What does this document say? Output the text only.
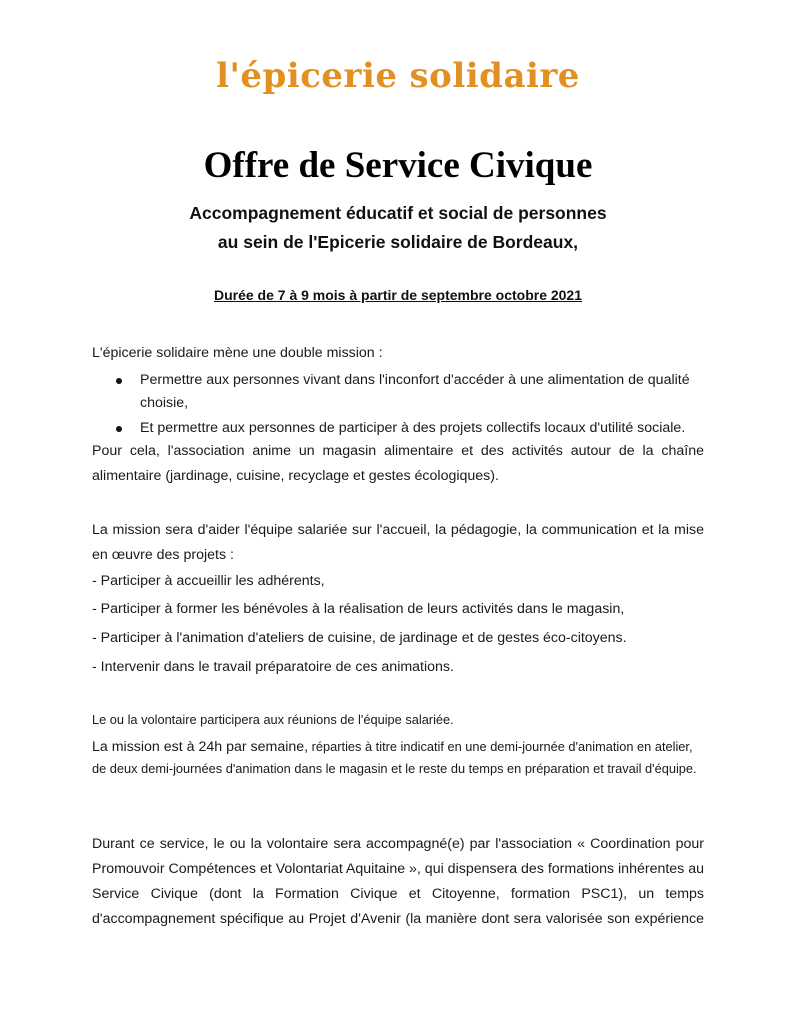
l'épicerie solidaire
Offre de Service Civique
Accompagnement éducatif et social de personnes
au sein de l'Epicerie solidaire de Bordeaux,
Durée de 7 à 9 mois à partir de septembre octobre 2021
L'épicerie solidaire mène une double mission :
Permettre aux personnes vivant dans l'inconfort d'accéder à une alimentation de qualité choisie,
Et permettre aux personnes de participer à des projets collectifs locaux d'utilité sociale.
Pour cela, l'association anime un magasin alimentaire et des activités autour de la chaîne alimentaire (jardinage, cuisine, recyclage et gestes écologiques).
La mission sera d'aider l'équipe salariée sur l'accueil, la pédagogie, la communication et la mise en œuvre des projets :
- Participer à accueillir les adhérents,
- Participer à former les bénévoles à la réalisation de leurs activités dans le magasin,
- Participer à l'animation d'ateliers de cuisine, de jardinage et de gestes éco-citoyens.
- Intervenir dans le travail préparatoire de ces animations.
Le ou la volontaire participera aux réunions de l'équipe salariée.
La mission est à 24h par semaine, réparties à titre indicatif en une demi-journée d'animation en atelier, de deux demi-journées d'animation dans le magasin et le reste du temps en préparation et travail d'équipe.
Durant ce service, le ou la volontaire sera accompagné(e) par l'association « Coordination pour Promouvoir Compétences et Volontariat Aquitaine », qui dispensera des formations inhérentes au Service Civique (dont la Formation Civique et Citoyenne, formation PSC1), un temps d'accompagnement spécifique au Projet d'Avenir (la manière dont sera valorisée son expérience
